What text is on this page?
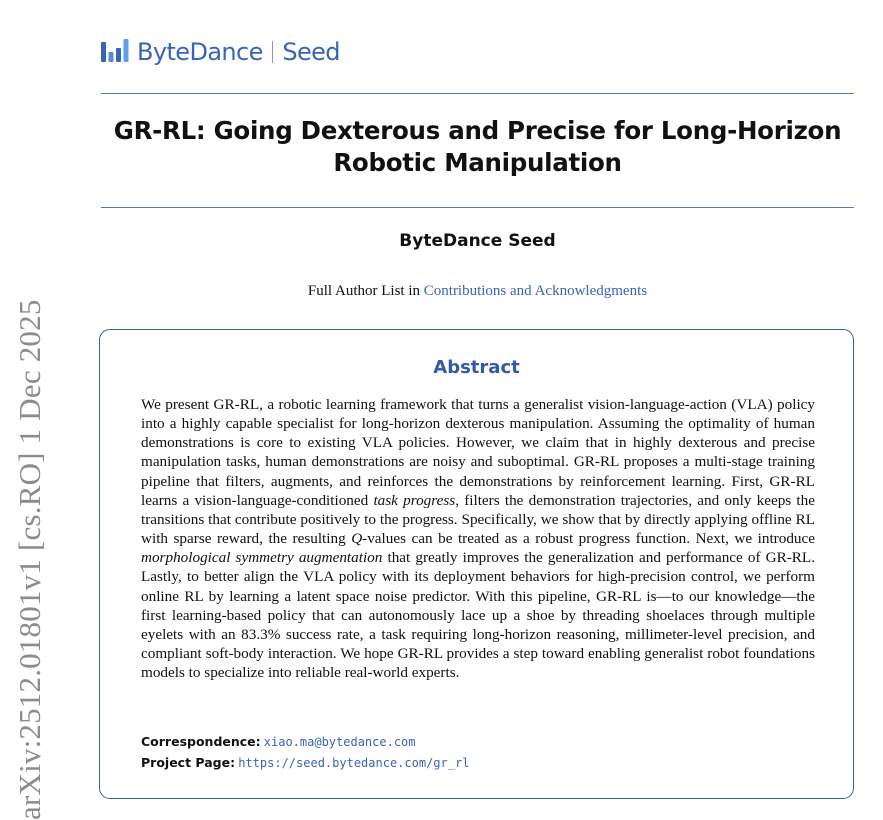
arXiv:2512.01801v1 [cs.RO] 1 Dec 2025
ByteDance Seed
GR-RL: Going Dexterous and Precise for Long-Horizon Robotic Manipulation
ByteDance Seed
Full Author List in Contributions and Acknowledgments
Abstract

We present GR-RL, a robotic learning framework that turns a generalist vision-language-action (VLA) policy into a highly capable specialist for long-horizon dexterous manipulation. Assuming the optimality of human demonstrations is core to existing VLA policies. However, we claim that in highly dexterous and precise manipulation tasks, human demonstrations are noisy and suboptimal. GR-RL proposes a multi-stage training pipeline that filters, augments, and reinforces the demonstrations by reinforcement learning. First, GR-RL learns a vision-language-conditioned task progress, filters the demonstration trajectories, and only keeps the transitions that contribute positively to the progress. Specifically, we show that by directly applying offline RL with sparse reward, the resulting Q-values can be treated as a robust progress function. Next, we introduce morphological symmetry augmentation that greatly improves the generalization and performance of GR-RL. Lastly, to better align the VLA policy with its deployment behaviors for high-precision control, we perform online RL by learning a latent space noise predictor. With this pipeline, GR-RL is—to our knowledge—the first learning-based policy that can autonomously lace up a shoe by threading shoelaces through multiple eyelets with an 83.3% success rate, a task requiring long-horizon reasoning, millimeter-level precision, and compliant soft-body interaction. We hope GR-RL provides a step toward enabling generalist robot foundations models to specialize into reliable real-world experts.

Correspondence: xiao.ma@bytedance.com
Project Page: https://seed.bytedance.com/gr_rl
